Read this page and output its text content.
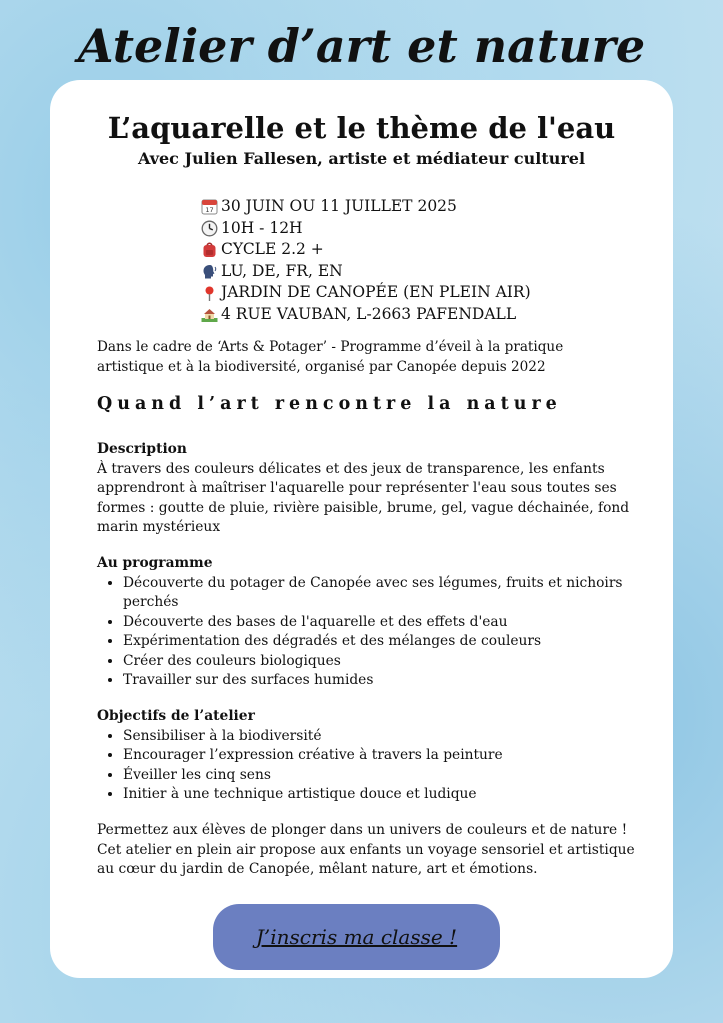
Atelier d’art et nature
L’aquarelle et le thème de l'eau
Avec Julien Fallesen, artiste et médiateur culturel
17 30 JUIN OU 11 JUILLET 2025
10H - 12H
CYCLE 2.2 +
LU, DE, FR, EN
JARDIN DE CANOPÉE (EN PLEIN AIR)
4 RUE VAUBAN, L-2663 PAFENDALL
Dans le cadre de ‘Arts & Potager’ - Programme d’éveil à la pratique artistique et à la biodiversité, organisé par Canopée depuis 2022
Quand l’art rencontre la nature
Description
À travers des couleurs délicates et des jeux de transparence, les enfants apprendront à maîtriser l'aquarelle pour représenter l'eau sous toutes ses formes : goutte de pluie, rivière paisible, brume, gel, vague déchainée, fond marin mystérieux
Au programme
• Découverte du potager de Canopée avec ses légumes, fruits et nichoirs perchés
• Découverte des bases de l'aquarelle et des effets d'eau
• Expérimentation des dégradés et des mélanges de couleurs
• Créer des couleurs biologiques
• Travailler sur des surfaces humides
Objectifs de l’atelier
• Sensibiliser à la biodiversité
• Encourager l’expression créative à travers la peinture
• Éveiller les cinq sens
• Initier à une technique artistique douce et ludique
Permettez aux élèves de plonger dans un univers de couleurs et de nature ! Cet atelier en plein air propose aux enfants un voyage sensoriel et artistique au cœur du jardin de Canopée, mêlant nature, art et émotions.
J’inscris ma classe !
